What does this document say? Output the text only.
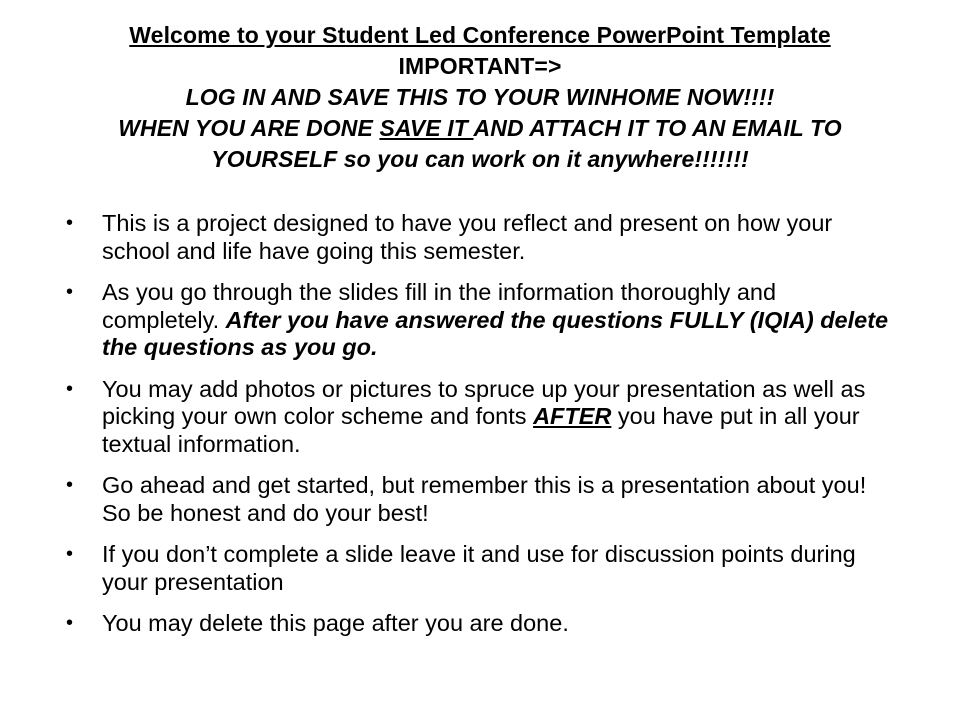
Welcome to your Student Led Conference PowerPoint Template
IMPORTANT=>
LOG IN AND SAVE THIS TO YOUR WINHOME NOW!!!!
WHEN YOU ARE DONE SAVE IT AND ATTACH IT TO AN EMAIL TO
YOURSELF so you can work on it anywhere!!!!!!!
• This is a project designed to have you reflect and present on how your school and life have going this semester.
• As you go through the slides fill in the information thoroughly and completely. After you have answered the questions FULLY (IQIA) delete the questions as you go.
• You may add photos or pictures to spruce up your presentation as well as picking your own color scheme and fonts AFTER you have put in all your textual information.
• Go ahead and get started, but remember this is a presentation about you! So be honest and do your best!
• If you don’t complete a slide leave it and use for discussion points during your presentation
• You may delete this page after you are done.
